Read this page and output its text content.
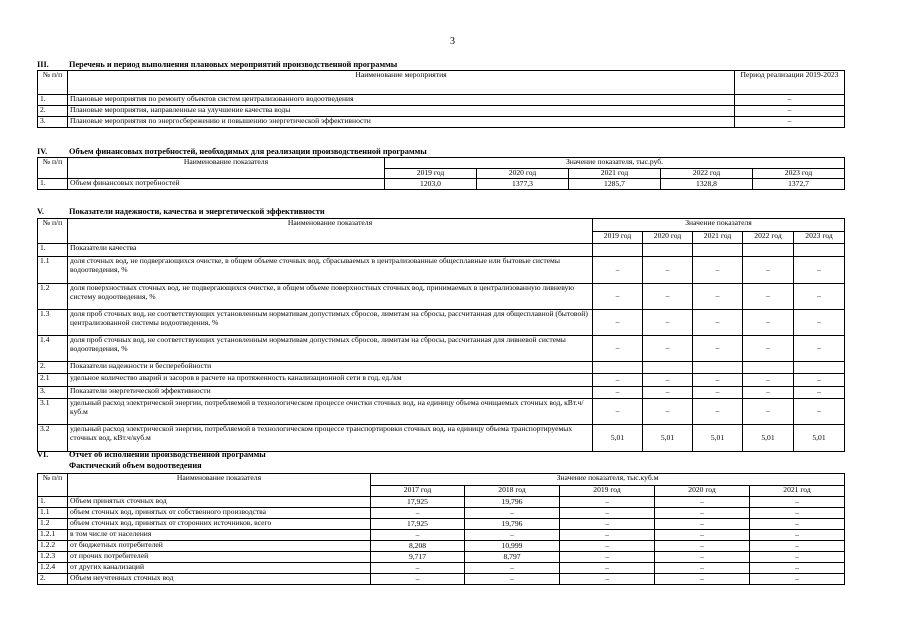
3
III. Перечень и период выполнения плановых мероприятий производственной программы
№ п/п	Наименование мероприятия	Период реализации 2019-2023
1.	Плановые мероприятия по ремонту объектов систем централизованного водоотведения	–
2.	Плановые мероприятия, направленные на улучшение качества воды	–
3.	Плановые мероприятия по энергосбережению и повышению энергетической эффективности	–
IV.	Объем финансовых потребностей, необходимых для реализации производственной программы
№ п/п	Наименование показателя	Значение показателя, тыс.руб.				
		2019 год	2020 год	2021 год	2022 год	2023 год
1.	Объем финансовых потребностей	1203,0	1377,3	1285,7	1328,8	1372,7
V.	Показатели надежности, качества и энергетической эффективности
№ п/п	Наименование показателя	Значение показателя				
		2019 год	2020 год	2021 год	2022 год	2023 год
1.	Показатели качества					
1.1	доля сточных вод, не подвергающихся очистке, в общем объеме сточных вод, сбрасываемых в централизованные общесплавные или бытовые системы водоотведения, %	–	–	–	–	–
1.2	доля поверхностных сточных вод, не подвергающихся очистке, в общем объеме поверхностных сточных вод, принимаемых в централизованную ливневую систему водоотведения, %	–	–	–	–	–
1.3	доля проб сточных вод, не соответствующих установленным нормативам допустимых сбросов, лимитам на сбросы, рассчитанная для общесплавной (бытовой) централизованной системы водоотведения, %	–	–	–	–	–
1.4	доля проб сточных вод, не соответствующих установленным нормативам допустимых сбросов, лимитам на сбросы, рассчитанная для ливневой системы водоотведения, %	–	–	–	–	–
2.	Показатели надежности и бесперебойности					
2.1	удельное количество аварий и засоров в расчете на протяженность канализационной сети в год, ед./км	–	–	–	–	–
3.	Показатели энергетической эффективности	–	–	–	–	–
3.1	удельный расход электрической энергии, потребляемой в технологическом процессе очистки сточных вод, на единицу объема очищаемых сточных вод, кВт.ч/куб.м	–	–	–	–	–
3.2	удельный расход электрической энергии, потребляемой в технологическом процессе транспортировки сточных вод, на единицу объема транспортируемых сточных вод, кВт.ч/куб.м	5,01	5,01	5,01	5,01	5,01
VI. Отчет об исполнении производственной программы
Фактический объем водоотведения
№ п/п	Наименование показателя	Значение показателя, тыс.куб.м				
		2017 год	2018 год	2019 год	2020 год	2021 год
1.	Объем принятых сточных вод	17,925	19,796	–	–	–
1.1	объем сточных вод, принятых от собственного производства	–	–	–	–	–
1.2	объем сточных вод, принятых от сторонних источников, всего	17,925	19,796	–	–	–
1.2.1	в том числе от населения	–	–	–	–	–
1.2.2	от бюджетных потребителей	8,208	10,999	–	–	–
1.2.3	от прочих потребителей	9,717	8,797	–	–	–
1.2.4	от других канализаций	–	–	–	–	–
2.	Объем неучтенных сточных вод	–	–	–	–	–
